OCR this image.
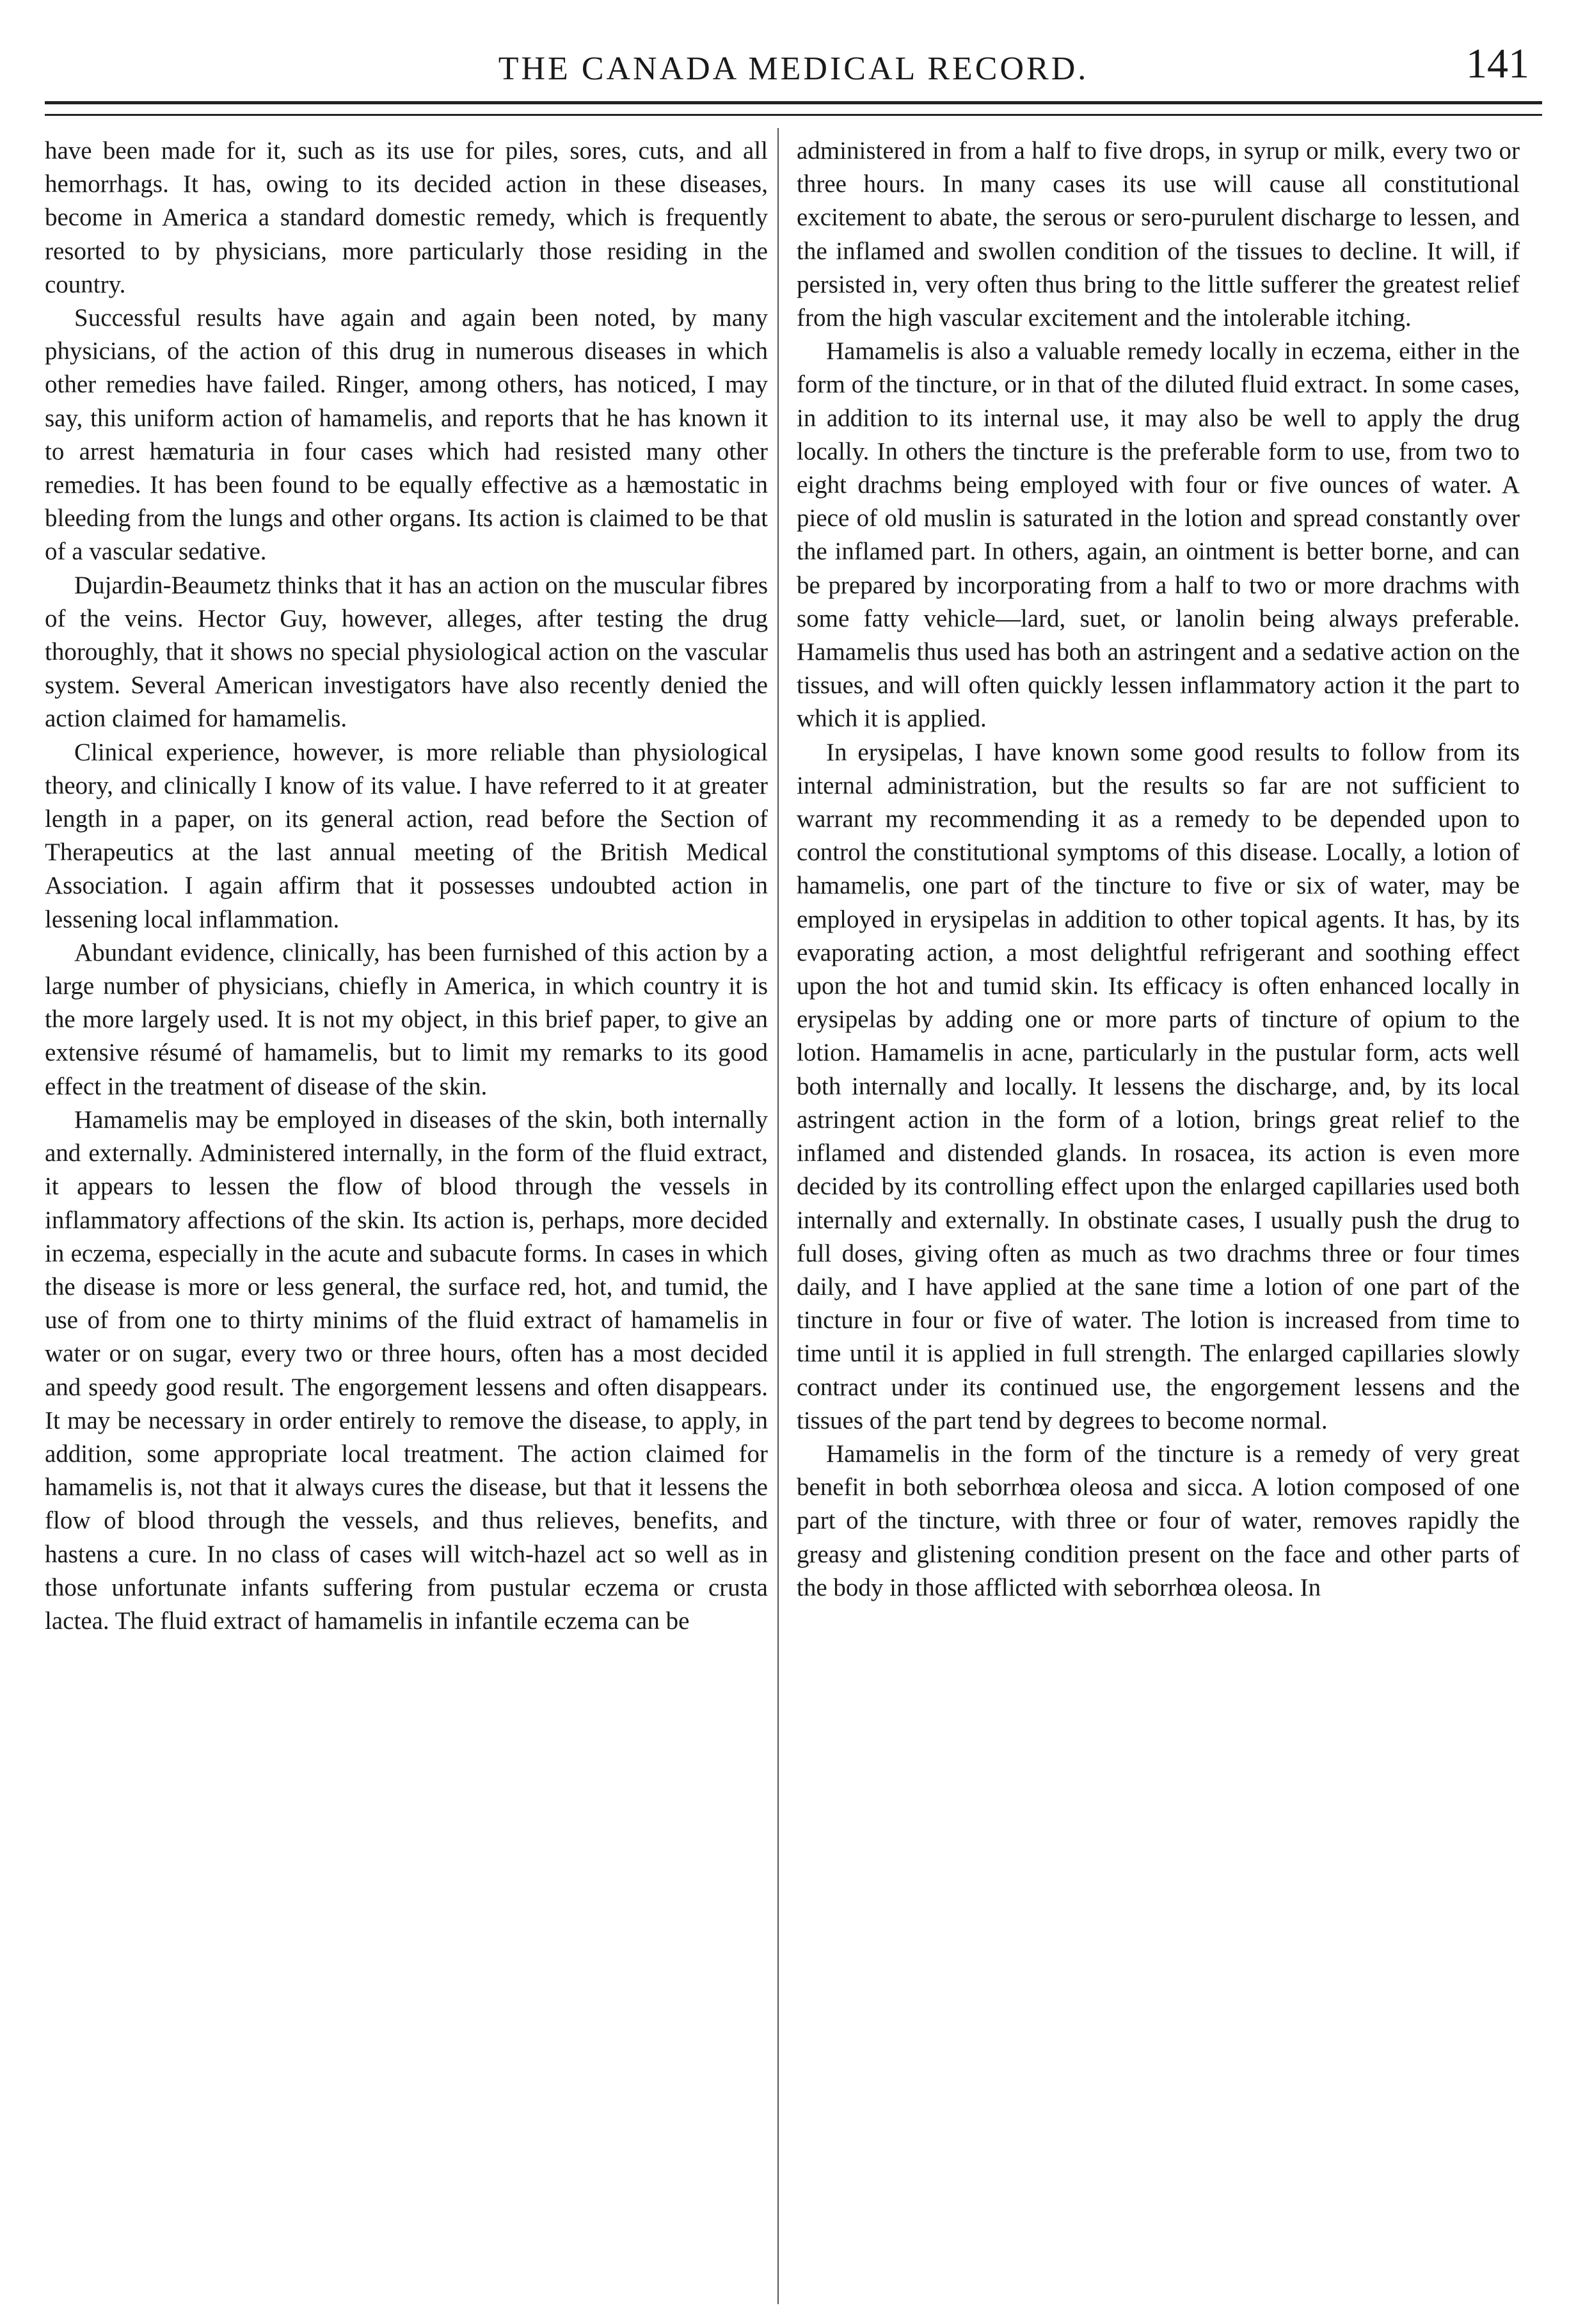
THE CANADA MEDICAL RECORD.	141

have been made for it, such as its use for piles, sores, cuts, and all hemorrhags. It has, owing to its decided action in these diseases, become in America a standard domestic remedy, which is frequently resorted to by physicians, more particularly those residing in the country.

Successful results have again and again been noted, by many physicians, of the action of this drug in numerous diseases in which other remedies have failed. Ringer, among others, has noticed, I may say, this uniform action of hamamelis, and reports that he has known it to arrest hæmaturia in four cases which had resisted many other remedies. It has been found to be equally effective as a hæmostatic in bleeding from the lungs and other organs. Its action is claimed to be that of a vascular sedative.

Dujardin-Beaumetz thinks that it has an action on the muscular fibres of the veins. Hector Guy, however, alleges, after testing the drug thoroughly, that it shows no special physiological action on the vascular system. Several American investigators have also recently denied the action claimed for hamamelis.

Clinical experience, however, is more reliable than physiological theory, and clinically I know of its value. I have referred to it at greater length in a paper, on its general action, read before the Section of Therapeutics at the last annual meeting of the British Medical Association. I again affirm that it possesses undoubted action in lessening local inflammation.

Abundant evidence, clinically, has been furnished of this action by a large number of physicians, chiefly in America, in which country it is the more largely used. It is not my object, in this brief paper, to give an extensive résumé of hamamelis, but to limit my remarks to its good effect in the treatment of disease of the skin.

Hamamelis may be employed in diseases of the skin, both internally and externally. Administered internally, in the form of the fluid extract, it appears to lessen the flow of blood through the vessels in inflammatory affections of the skin. Its action is, perhaps, more decided in eczema, especially in the acute and subacute forms. In cases in which the disease is more or less general, the surface red, hot, and tumid, the use of from one to thirty minims of the fluid extract of hamamelis in water or on sugar, every two or three hours, often has a most decided and speedy good result. The engorgement lessens and often disappears. It may be necessary in order entirely to remove the disease, to apply, in addition, some appropriate local treatment. The action claimed for hamamelis is, not that it always cures the disease, but that it lessens the flow of blood through the vessels, and thus relieves, benefits, and hastens a cure. In no class of cases will witch-hazel act so well as in those unfortunate infants suffering from pustular eczema or crusta lactea. The fluid extract of hamamelis in infantile eczema can be

administered in from a half to five drops, in syrup or milk, every two or three hours. In many cases its use will cause all constitutional excitement to abate, the serous or sero-purulent discharge to lessen, and the inflamed and swollen condition of the tissues to decline. It will, if persisted in, very often thus bring to the little sufferer the greatest relief from the high vascular excitement and the intolerable itching.

Hamamelis is also a valuable remedy locally in eczema, either in the form of the tincture, or in that of the diluted fluid extract. In some cases, in addition to its internal use, it may also be well to apply the drug locally. In others the tincture is the preferable form to use, from two to eight drachms being employed with four or five ounces of water. A piece of old muslin is saturated in the lotion and spread constantly over the inflamed part. In others, again, an ointment is better borne, and can be prepared by incorporating from a half to two or more drachms with some fatty vehicle—lard, suet, or lanolin being always preferable. Hamamelis thus used has both an astringent and a sedative action on the tissues, and will often quickly lessen inflammatory action it the part to which it is applied.

In erysipelas, I have known some good results to follow from its internal administration, but the results so far are not sufficient to warrant my recommending it as a remedy to be depended upon to control the constitutional symptoms of this disease. Locally, a lotion of hamamelis, one part of the tincture to five or six of water, may be employed in erysipelas in addition to other topical agents. It has, by its evaporating action, a most delightful refrigerant and soothing effect upon the hot and tumid skin. Its efficacy is often enhanced locally in erysipelas by adding one or more parts of tincture of opium to the lotion. Hamamelis in acne, particularly in the pustular form, acts well both internally and locally. It lessens the discharge, and, by its local astringent action in the form of a lotion, brings great relief to the inflamed and distended glands. In rosacea, its action is even more decided by its controlling effect upon the enlarged capillaries used both internally and externally. In obstinate cases, I usually push the drug to full doses, giving often as much as two drachms three or four times daily, and I have applied at the sane time a lotion of one part of the tincture in four or five of water. The lotion is increased from time to time until it is applied in full strength. The enlarged capillaries slowly contract under its continued use, the engorgement lessens and the tissues of the part tend by degrees to become normal.

Hamamelis in the form of the tincture is a remedy of very great benefit in both seborrhœa oleosa and sicca. A lotion composed of one part of the tincture, with three or four of water, removes rapidly the greasy and glistening condition present on the face and other parts of the body in those afflicted with seborrhœa oleosa. In
